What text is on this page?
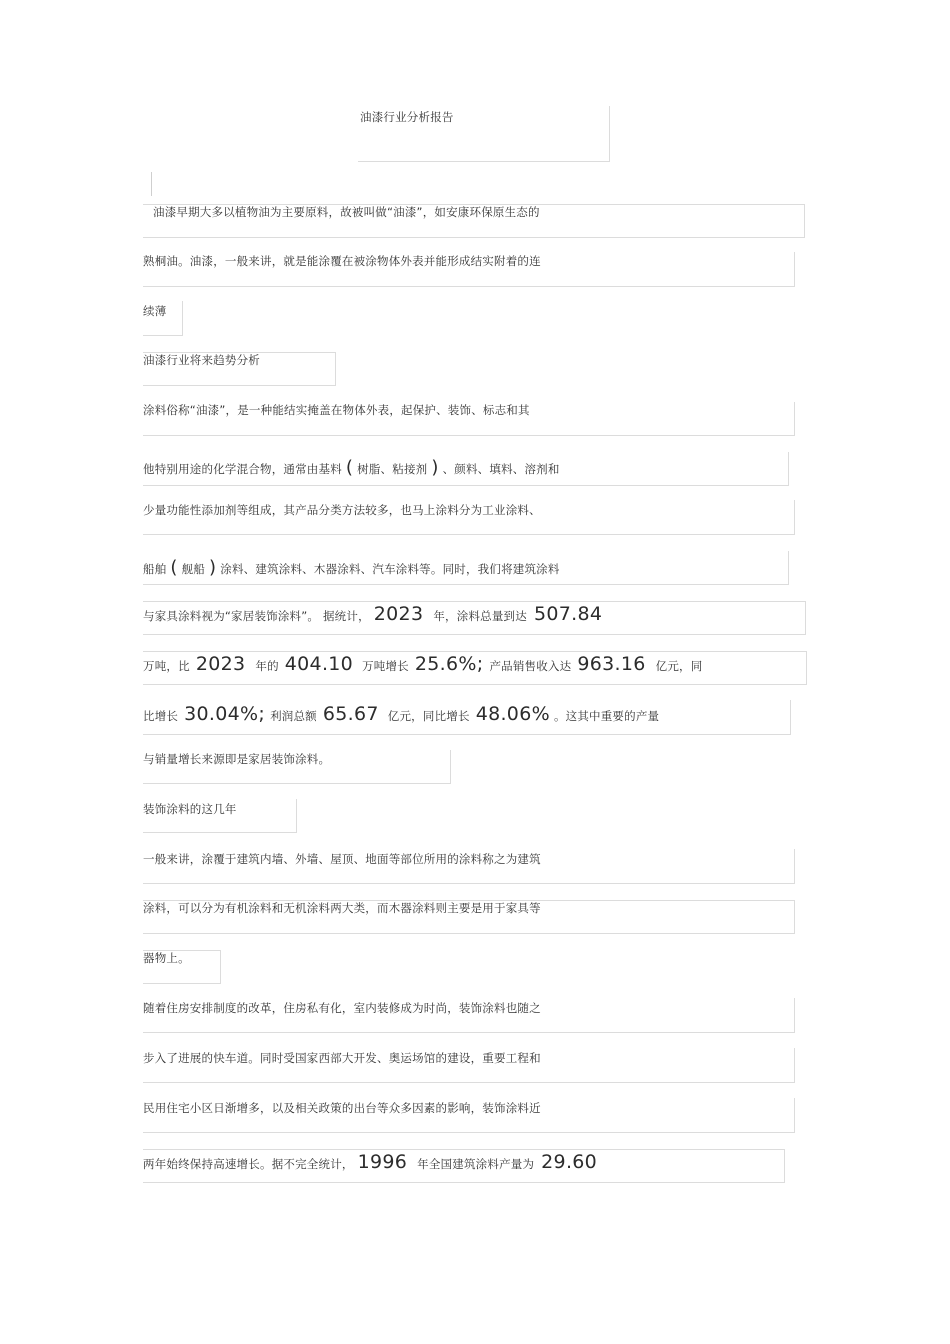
油漆行业分析报告
油漆早期大多以植物油为主要原料，故被叫做“油漆”，如安康环保原生态的
熟桐油。油漆，一般来讲，就是能涂覆在被涂物体外表并能形成结实附着的连
续薄
油漆行业将来趋势分析
涂料俗称“油漆”，是一种能结实掩盖在物体外表，起保护、装饰、标志和其
他特别用途的化学混合物，通常由基料 ( 树脂、粘接剂 ) 、颜料、填料、溶剂和
少量功能性添加剂等组成，其产品分类方法较多，也马上涂料分为工业涂料、
船舶 ( 舰船 ) 涂料、建筑涂料、木器涂料、汽车涂料等。同时，我们将建筑涂料
与家具涂料视为“家居装饰涂料”。 据统计， 2023 年，涂料总量到达 507.84
万吨，比 2023 年的 404.10 万吨增长 25.6%; 产品销售收入达 963.16 亿元，同
比增长 30.04%; 利润总额 65.67 亿元，同比增长 48.06% 。这其中重要的产量
与销量增长来源即是家居装饰涂料。
装饰涂料的这几年
一般来讲，涂覆于建筑内墙、外墙、屋顶、地面等部位所用的涂料称之为建筑
涂料，可以分为有机涂料和无机涂料两大类，而木器涂料则主要是用于家具等
器物上。
随着住房安排制度的改革，住房私有化，室内装修成为时尚，装饰涂料也随之
步入了进展的快车道。同时受国家西部大开发、奥运场馆的建设，重要工程和
民用住宅小区日渐增多，以及相关政策的出台等众多因素的影响，装饰涂料近
两年始终保持高速增长。据不完全统计， 1996 年全国建筑涂料产量为 29.60
